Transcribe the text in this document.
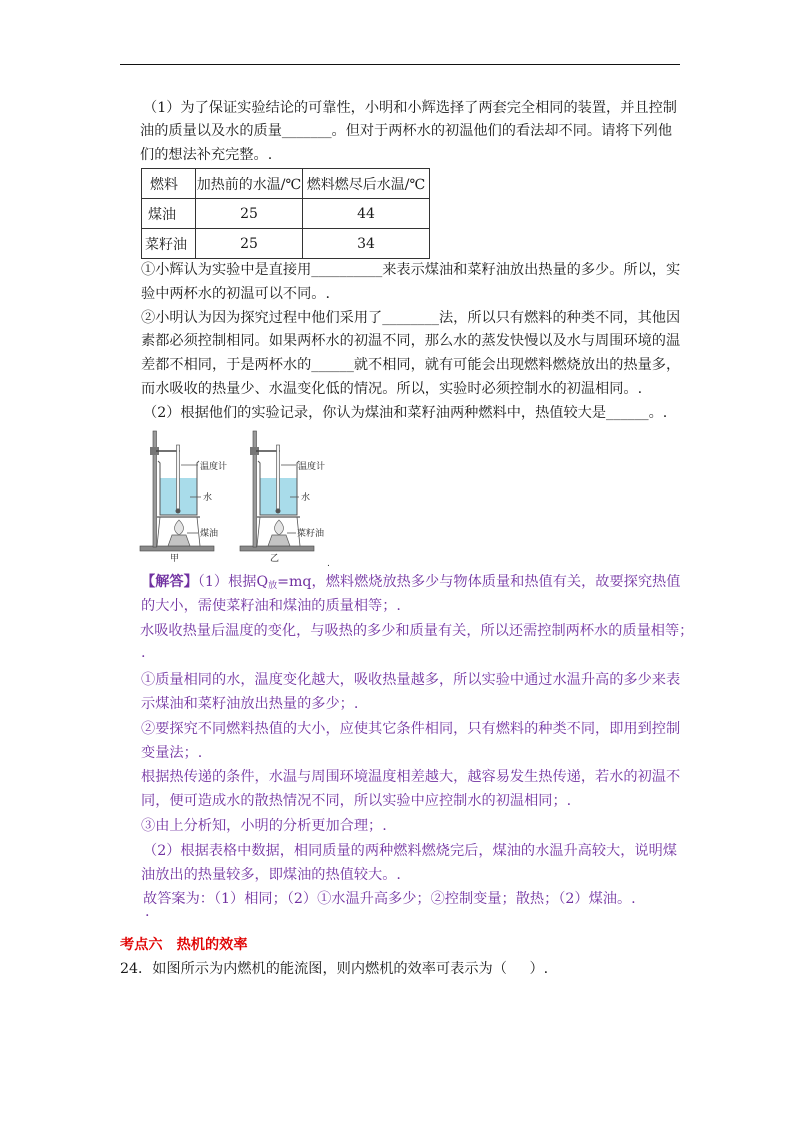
（1）为了保证实验结论的可靠性，小明和小辉选择了两套完全相同的装置，并且控制
油的质量以及水的质量_______。但对于两杯水的初温他们的看法却不同。请将下列他
们的想法补充完整。.
燃料	加热前的水温/℃	燃料燃尽后水温/℃
煤油	25	44
菜籽油	25	34
①小辉认为实验中是直接用__________来表示煤油和菜籽油放出热量的多少。所以，实
验中两杯水的初温可以不同。.
②小明认为因为探究过程中他们采用了________法，所以只有燃料的种类不同，其他因
素都必须控制相同。如果两杯水的初温不同，那么水的蒸发快慢以及水与周围环境的温
差都不相同，于是两杯水的______就不相同，就有可能会出现燃料燃烧放出的热量多，
而水吸收的热量少、水温变化低的情况。所以，实验时必须控制水的初温相同。.
（2）根据他们的实验记录，你认为煤油和菜籽油两种燃料中，热值较大是______。.
温度计
水
煤油
甲
温度计
水
菜籽油
乙	.
【解答】（1）根据$Q_放=mq$，燃料燃烧放热多少与物体质量和热值有关，故要探究热值
的大小，需使菜籽油和煤油的质量相等；.
水吸收热量后温度的变化，与吸热的多少和质量有关，所以还需控制两杯水的质量相等；
.
①质量相同的水，温度变化越大，吸收热量越多，所以实验中通过水温升高的多少来表
示煤油和菜籽油放出热量的多少；.
②要探究不同燃料热值的大小，应使其它条件相同，只有燃料的种类不同，即用到控制
变量法；.
根据热传递的条件，水温与周围环境温度相差越大，越容易发生热传递，若水的初温不
同，便可造成水的散热情况不同，所以实验中应控制水的初温相同；.
③由上分析知，小明的分析更加合理；.
（2）根据表格中数据，相同质量的两种燃料燃烧完后，煤油的水温升高较大，说明煤
油放出的热量较多，即煤油的热值较大。.
故答案为：（1）相同；（2）①水温升高多少；②控制变量；散热；（2）煤油。.
.
考点六 热机的效率
24．如图所示为内燃机的能流图，则内燃机的效率可表示为（     ）.
